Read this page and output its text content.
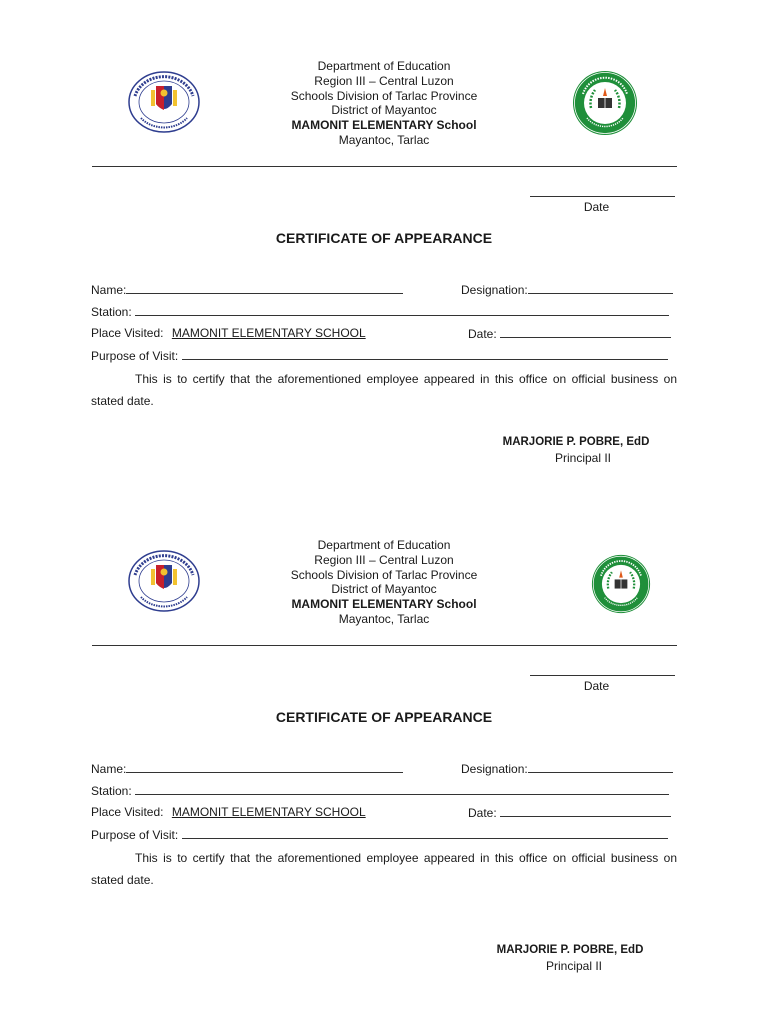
Department of Education
Region III – Central Luzon
Schools Division of Tarlac Province
District of Mayantoc
MAMONIT ELEMENTARY School
Mayantoc, Tarlac
Date
CERTIFICATE OF APPEARANCE
Name:	Designation:
Station:
Place Visited: MAMONIT ELEMENTARY SCHOOL	Date:
Purpose of Visit:
This is to certify that the aforementioned employee appeared in this office on official business on stated date.
MARJORIE P. POBRE, EdD
Principal II
Department of Education
Region III – Central Luzon
Schools Division of Tarlac Province
District of Mayantoc
MAMONIT ELEMENTARY School
Mayantoc, Tarlac
Date
CERTIFICATE OF APPEARANCE
Name:	Designation:
Station:
Place Visited: MAMONIT ELEMENTARY SCHOOL	Date:
Purpose of Visit:
This is to certify that the aforementioned employee appeared in this office on official business on stated date.
MARJORIE P. POBRE, EdD
Principal II
